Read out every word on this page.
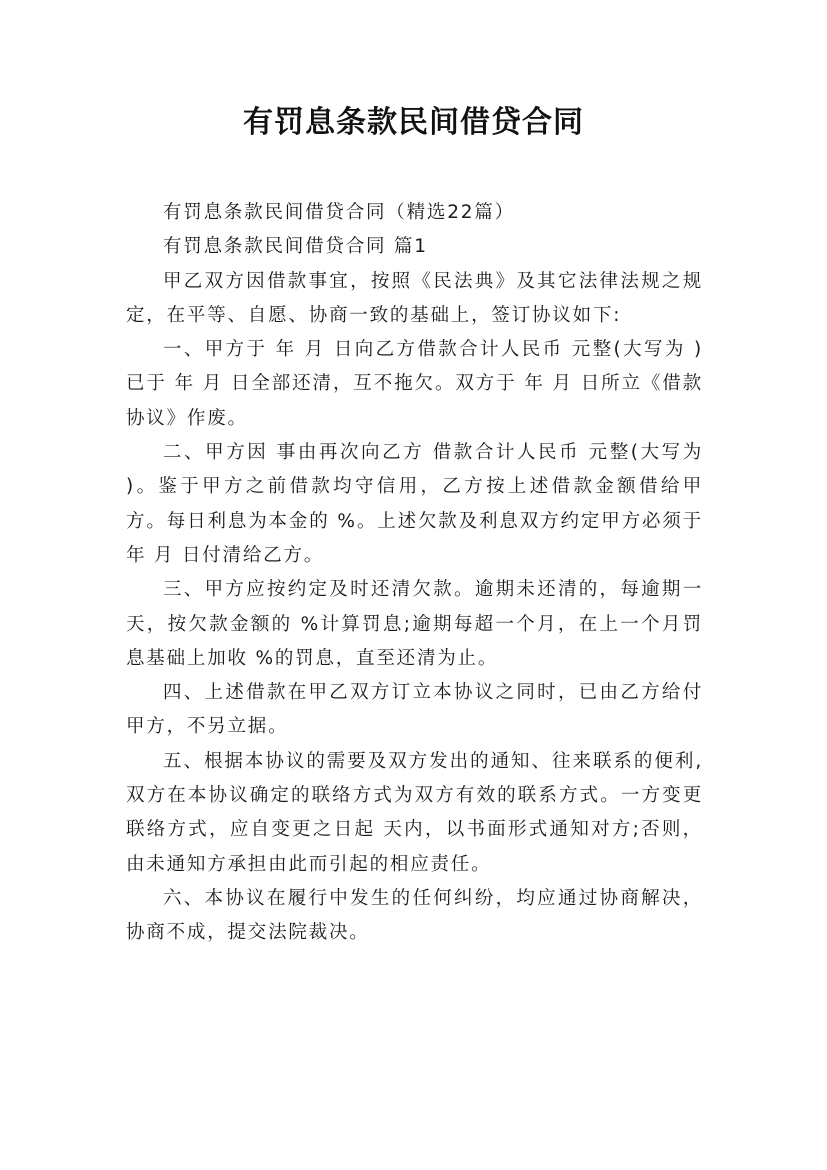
有罚息条款民间借贷合同

有罚息条款民间借贷合同（精选22篇）

有罚息条款民间借贷合同 篇1

甲乙双方因借款事宜，按照《民法典》及其它法律法规之规定，在平等、自愿、协商一致的基础上，签订协议如下:

一、甲方于 年 月 日向乙方借款合计人民币 元整(大写为 )已于 年 月 日全部还清，互不拖欠。双方于 年 月 日所立《借款协议》作废。

二、甲方因 事由再次向乙方 借款合计人民币 元整(大写为 )。鉴于甲方之前借款均守信用，乙方按上述借款金额借给甲方。每日利息为本金的 %。上述欠款及利息双方约定甲方必须于 年 月 日付清给乙方。

三、甲方应按约定及时还清欠款。逾期未还清的，每逾期一天，按欠款金额的 %计算罚息;逾期每超一个月，在上一个月罚息基础上加收 %的罚息，直至还清为止。

四、上述借款在甲乙双方订立本协议之同时，已由乙方给付甲方，不另立据。

五、根据本协议的需要及双方发出的通知、往来联系的便利,双方在本协议确定的联络方式为双方有效的联系方式。一方变更联络方式，应自变更之日起 天内，以书面形式通知对方;否则，由未通知方承担由此而引起的相应责任。

六、本协议在履行中发生的任何纠纷，均应通过协商解决，协商不成，提交法院裁决。
